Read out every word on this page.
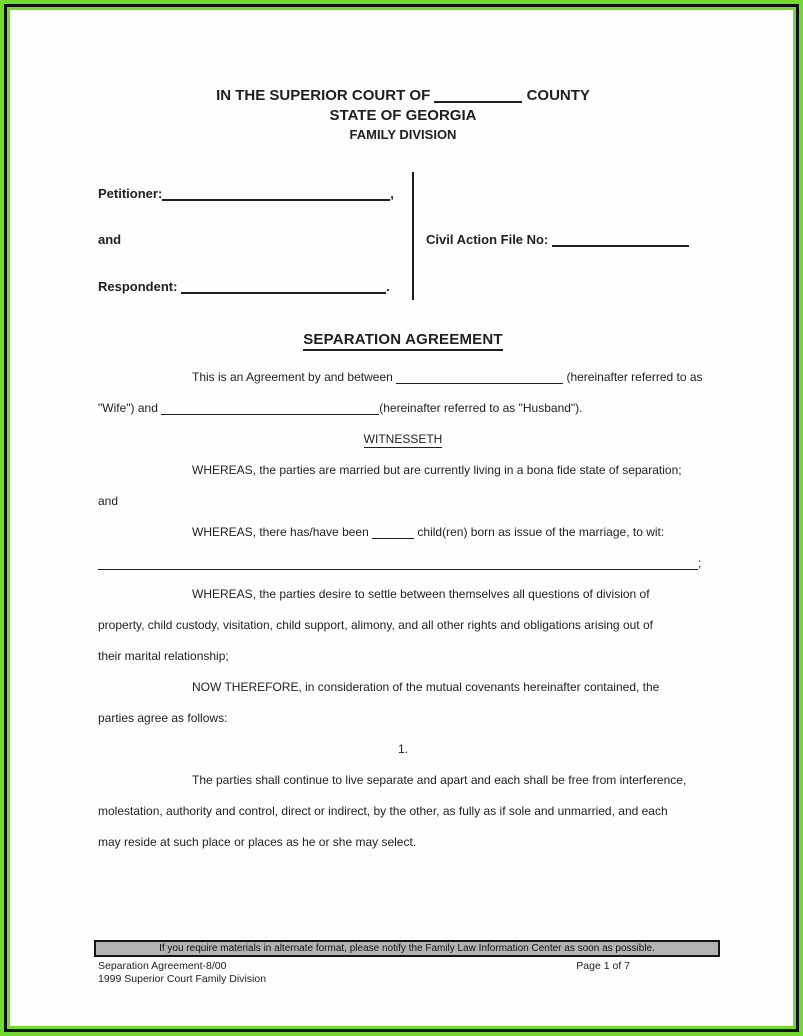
IN THE SUPERIOR COURT OF	COUNTY
STATE OF GEORGIA
FAMILY DIVISION
Petitioner:	,
and
Respondent:	.
Civil Action File No:
SEPARATION AGREEMENT
This is an Agreement by and between	(hereinafter referred to as
"Wife") and	(hereinafter referred to as "Husband").
WITNESSETH
WHEREAS, the parties are married but are currently living in a bona fide state of separation;
and
WHEREAS, there has/have been	child(ren) born as issue of the marriage, to wit:
;
WHEREAS, the parties desire to settle between themselves all questions of division of
property, child custody, visitation, child support, alimony, and all other rights and obligations arising out of
their marital relationship;
NOW THEREFORE, in consideration of the mutual covenants hereinafter contained, the
parties agree as follows:
1.
The parties shall continue to live separate and apart and each shall be free from interference,
molestation, authority and control, direct or indirect, by the other, as fully as if sole and unmarried, and each
may reside at such place or places as he or she may select.
If you require materials in alternate format, please notify the Family Law Information Center as soon as possible.
Separation Agreement-8/00
1999 Superior Court Family Division
Page 1 of 7
